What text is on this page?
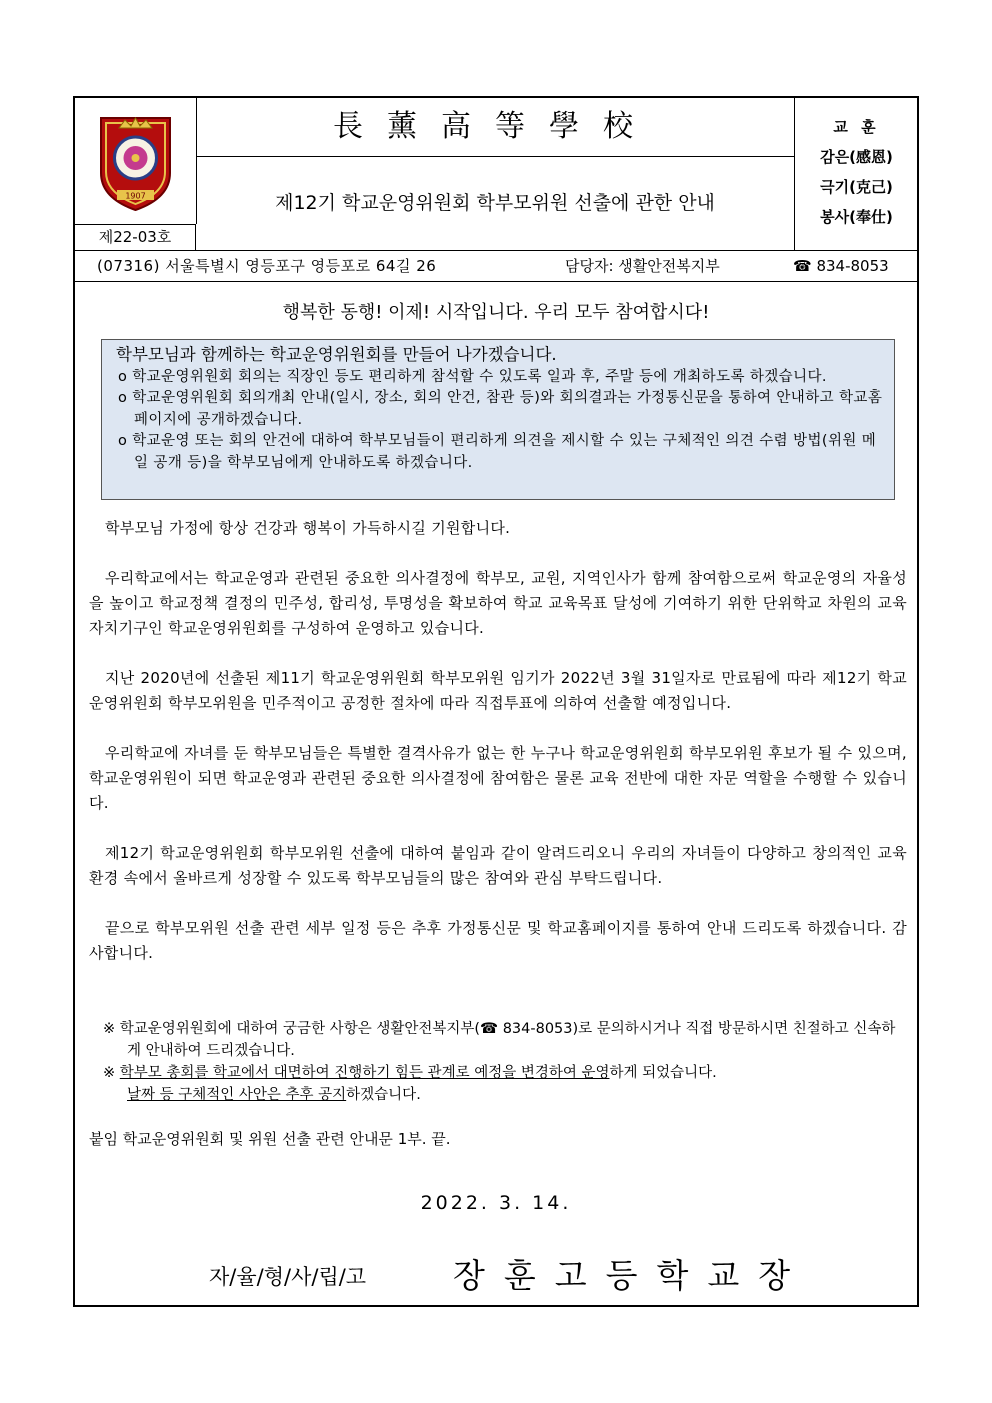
1907
제22-03호
長薰高等學校
제12기 학교운영위원회 학부모위원 선출에 관한 안내
교 훈
감은(感恩)
극기(克己)
봉사(奉仕)
(07316) 서울특별시 영등포구 영등포로 64길 26	담당자: 생활안전복지부	☎ 834-8053
행복한 동행! 이제! 시작입니다. 우리 모두 참여합시다!
학부모님과 함께하는 학교운영위원회를 만들어 나가겠습니다.
ο 학교운영위원회 회의는 직장인 등도 편리하게 참석할 수 있도록 일과 후, 주말 등에 개최하도록 하겠습니다.
ο 학교운영위원회 회의개최 안내(일시, 장소, 회의 안건, 참관 등)와 회의결과는 가정통신문을 통하여 안내하고 학교홈페이지에 공개하겠습니다.
ο 학교운영 또는 회의 안건에 대하여 학부모님들이 편리하게 의견을 제시할 수 있는 구체적인 의견 수렴 방법(위원 메일 공개 등)을 학부모님에게 안내하도록 하겠습니다.

학부모님 가정에 항상 건강과 행복이 가득하시길 기원합니다.

우리학교에서는 학교운영과 관련된 중요한 의사결정에 학부모, 교원, 지역인사가 함께 참여함으로써 학교운영의 자율성을 높이고 학교정책 결정의 민주성, 합리성, 투명성을 확보하여 학교 교육목표 달성에 기여하기 위한 단위학교 차원의 교육자치기구인 학교운영위원회를 구성하여 운영하고 있습니다.

지난 2020년에 선출된 제11기 학교운영위원회 학부모위원 임기가 2022년 3월 31일자로 만료됨에 따라 제12기 학교운영위원회 학부모위원을 민주적이고 공정한 절차에 따라 직접투표에 의하여 선출할 예정입니다.

우리학교에 자녀를 둔 학부모님들은 특별한 결격사유가 없는 한 누구나 학교운영위원회 학부모위원 후보가 될 수 있으며, 학교운영위원이 되면 학교운영과 관련된 중요한 의사결정에 참여함은 물론 교육 전반에 대한 자문 역할을 수행할 수 있습니다.

제12기 학교운영위원회 학부모위원 선출에 대하여 붙임과 같이 알려드리오니 우리의 자녀들이 다양하고 창의적인 교육환경 속에서 올바르게 성장할 수 있도록 학부모님들의 많은 참여와 관심 부탁드립니다.

끝으로 학부모위원 선출 관련 세부 일정 등은 추후 가정통신문 및 학교홈페이지를 통하여 안내 드리도록 하겠습니다. 감사합니다.

※ 학교운영위원회에 대하여 궁금한 사항은 생활안전복지부(☎ 834-8053)로 문의하시거나 직접 방문하시면 친절하고 신속하게 안내하여 드리겠습니다.
※ 학부모 총회를 학교에서 대면하여 진행하기 힘든 관계로 예정을 변경하여 운영하게 되었습니다.
날짜 등 구체적인 사안은 추후 공지하겠습니다.
붙임 학교운영위원회 및 위원 선출 관련 안내문 1부. 끝.
2022. 3. 14.
자/율/형/사/립/고	장훈고등학교장
